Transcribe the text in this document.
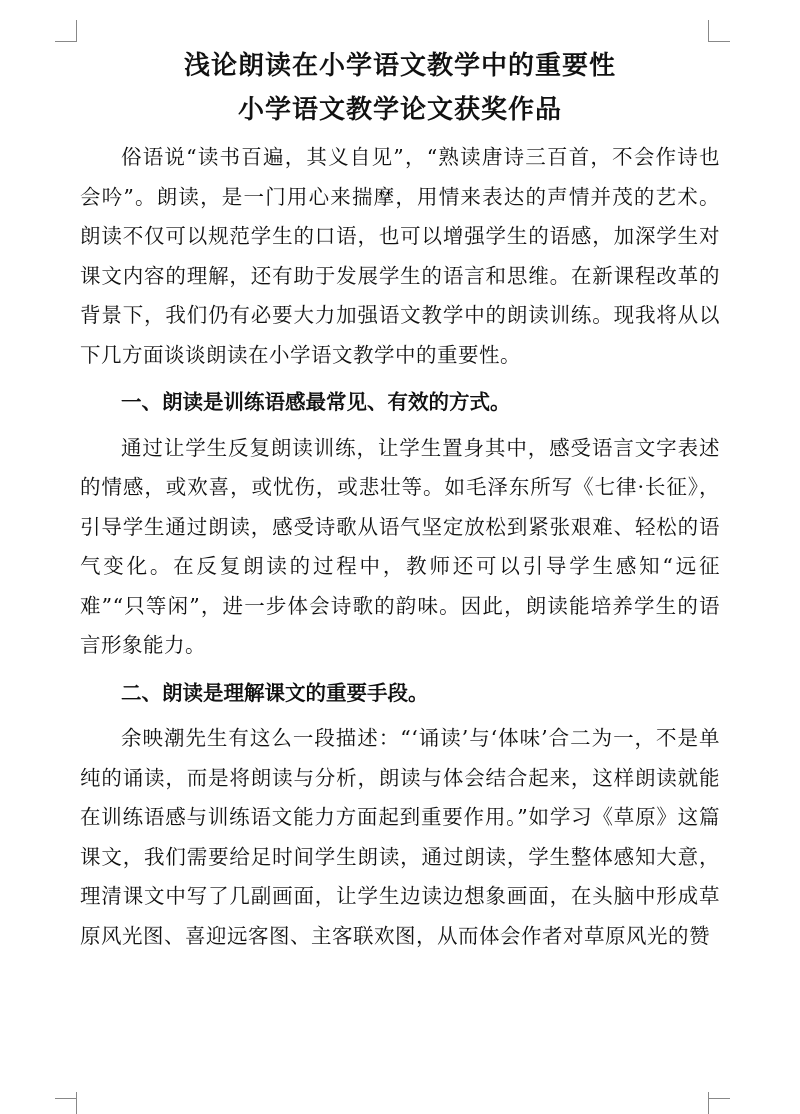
浅论朗读在小学语文教学中的重要性
小学语文教学论文获奖作品

俗语说“读书百遍，其义自见”，“熟读唐诗三百首，不会作诗也会吟”。朗读，是一门用心来揣摩，用情来表达的声情并茂的艺术。朗读不仅可以规范学生的口语，也可以增强学生的语感，加深学生对课文内容的理解，还有助于发展学生的语言和思维。在新课程改革的背景下，我们仍有必要大力加强语文教学中的朗读训练。现我将从以下几方面谈谈朗读在小学语文教学中的重要性。

一、朗读是训练语感最常见、有效的方式。

通过让学生反复朗读训练，让学生置身其中，感受语言文字表述的情感，或欢喜，或忧伤，或悲壮等。如毛泽东所写《七律·长征》，引导学生通过朗读，感受诗歌从语气坚定放松到紧张艰难、轻松的语气变化。在反复朗读的过程中，教师还可以引导学生感知“远征难”“只等闲”，进一步体会诗歌的韵味。因此，朗读能培养学生的语言形象能力。

二、朗读是理解课文的重要手段。

余映潮先生有这么一段描述：“‘诵读’与‘体味’合二为一，不是单纯的诵读，而是将朗读与分析，朗读与体会结合起来，这样朗读就能在训练语感与训练语文能力方面起到重要作用。”如学习《草原》这篇课文，我们需要给足时间学生朗读，通过朗读，学生整体感知大意，理清课文中写了几副画面，让学生边读边想象画面，在头脑中形成草原风光图、喜迎远客图、主客联欢图，从而体会作者对草原风光的赞
